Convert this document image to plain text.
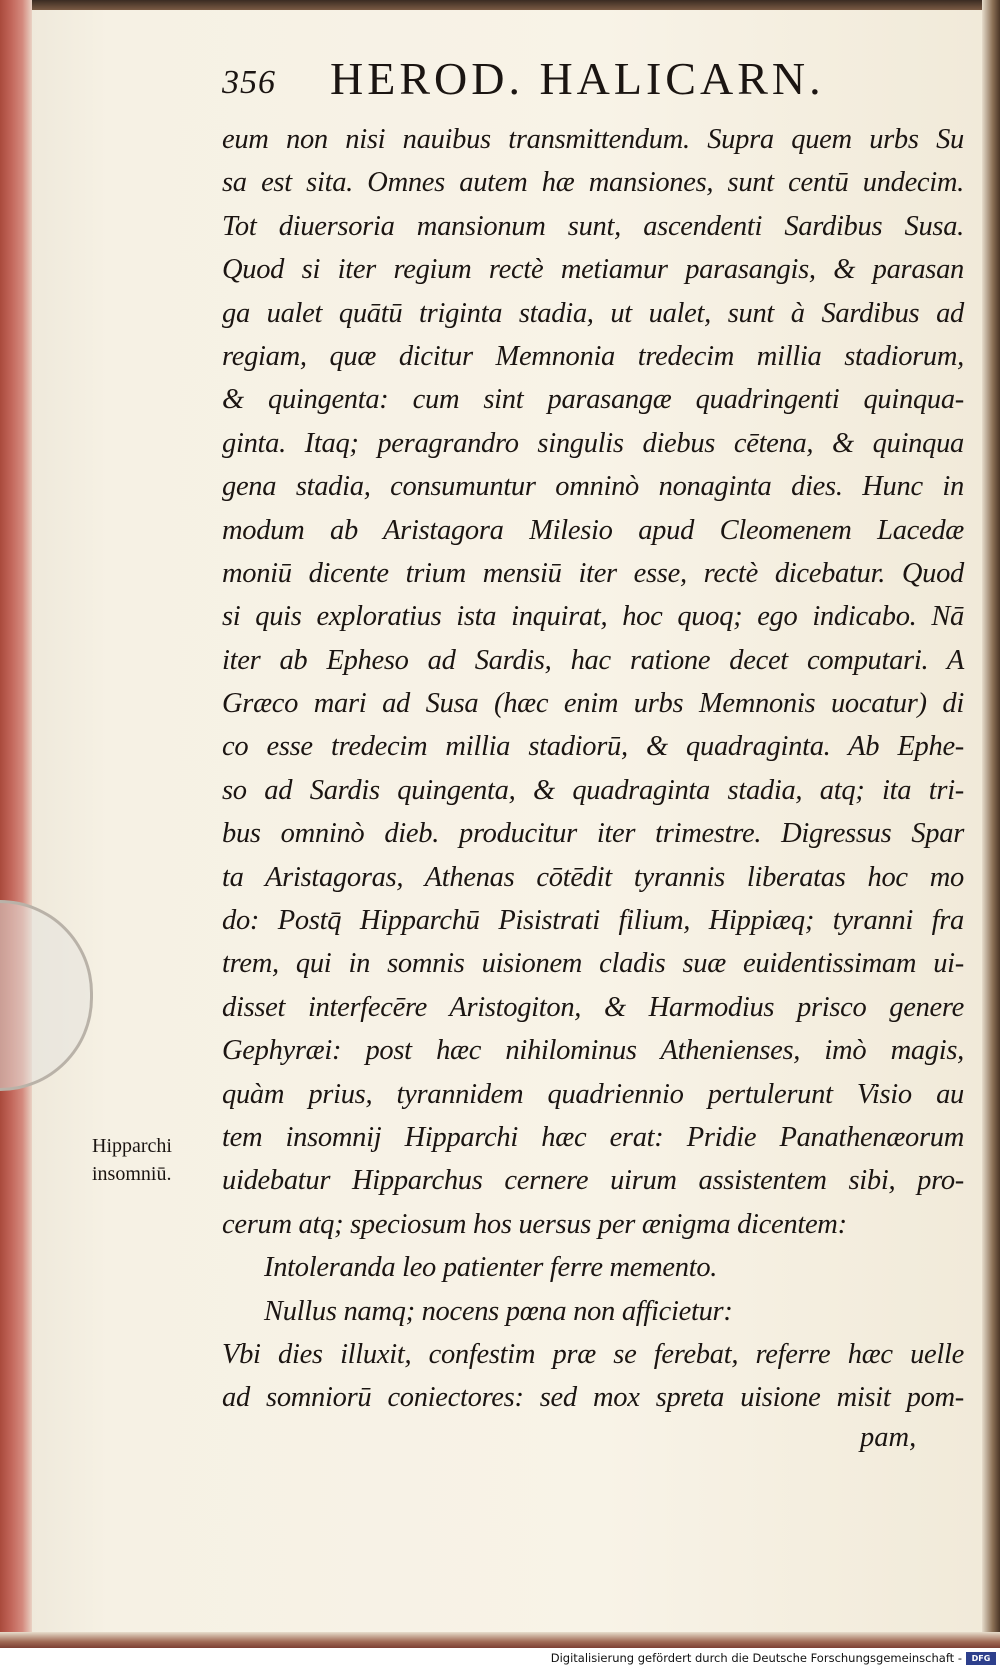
356 HEROD. HALICARN.
eum non nisi nauibus transmittendum. Supra quem urbs Su
sa est sita. Omnes autem hæ mansiones, sunt centū undecim.
Tot diuersoria mansionum sunt, ascendenti Sardibus Susa.
Quod si iter regium rectè metiamur parasangis, & parasan
ga ualet quātū triginta stadia, ut ualet, sunt à Sardibus ad
regiam, quæ dicitur Memnonia tredecim millia stadiorum,
& quingenta: cum sint parasangæ quadringenti quinqua-
ginta. Itaq; peragrandro singulis diebus cētena, & quinqua
gena stadia, consumuntur omninò nonaginta dies. Hunc in
modum ab Aristagora Milesio apud Cleomenem Lacedæ
moniū dicente trium mensiū iter esse, rectè dicebatur. Quod
si quis exploratius ista inquirat, hoc quoq; ego indicabo. Nā
iter ab Epheso ad Sardis, hac ratione decet computari. A
Græco mari ad Susa (hæc enim urbs Memnonis uocatur) di
co esse tredecim millia stadiorū, & quadraginta. Ab Ephe-
so ad Sardis quingenta, & quadraginta stadia, atq; ita tri-
bus omninò dieb. producitur iter trimestre. Digressus Spar
ta Aristagoras, Athenas cōtēdit tyrannis liberatas hoc mo
do: Postq̄ Hipparchū Pisistrati filium, Hippiæq; tyranni fra
trem, qui in somnis uisionem cladis suæ euidentissimam ui-
disset interfecēre Aristogiton, & Harmodius prisco genere
Gephyræi: post hæc nihilominus Athenienses, imò magis,
quàm prius, tyrannidem quadriennio pertulerunt Visio au
tem insomnij Hipparchi hæc erat: Pridie Panathenæorum
uidebatur Hipparchus cernere uirum assistentem sibi, pro-
cerum atq; speciosum hos uersus per ænigma dicentem:
Intoleranda leo patienter ferre memento.
Nullus namq; nocens pœna non afficietur:
Vbi dies illuxit, confestim præ se ferebat, referre hæc uelle
ad somniorū coniectores: sed mox spreta uisione misit pom-
pam,
Hipparchi
insomniū.
Digitalisierung gefördert durch die Deutsche Forschungsgemeinschaft -	DFG
